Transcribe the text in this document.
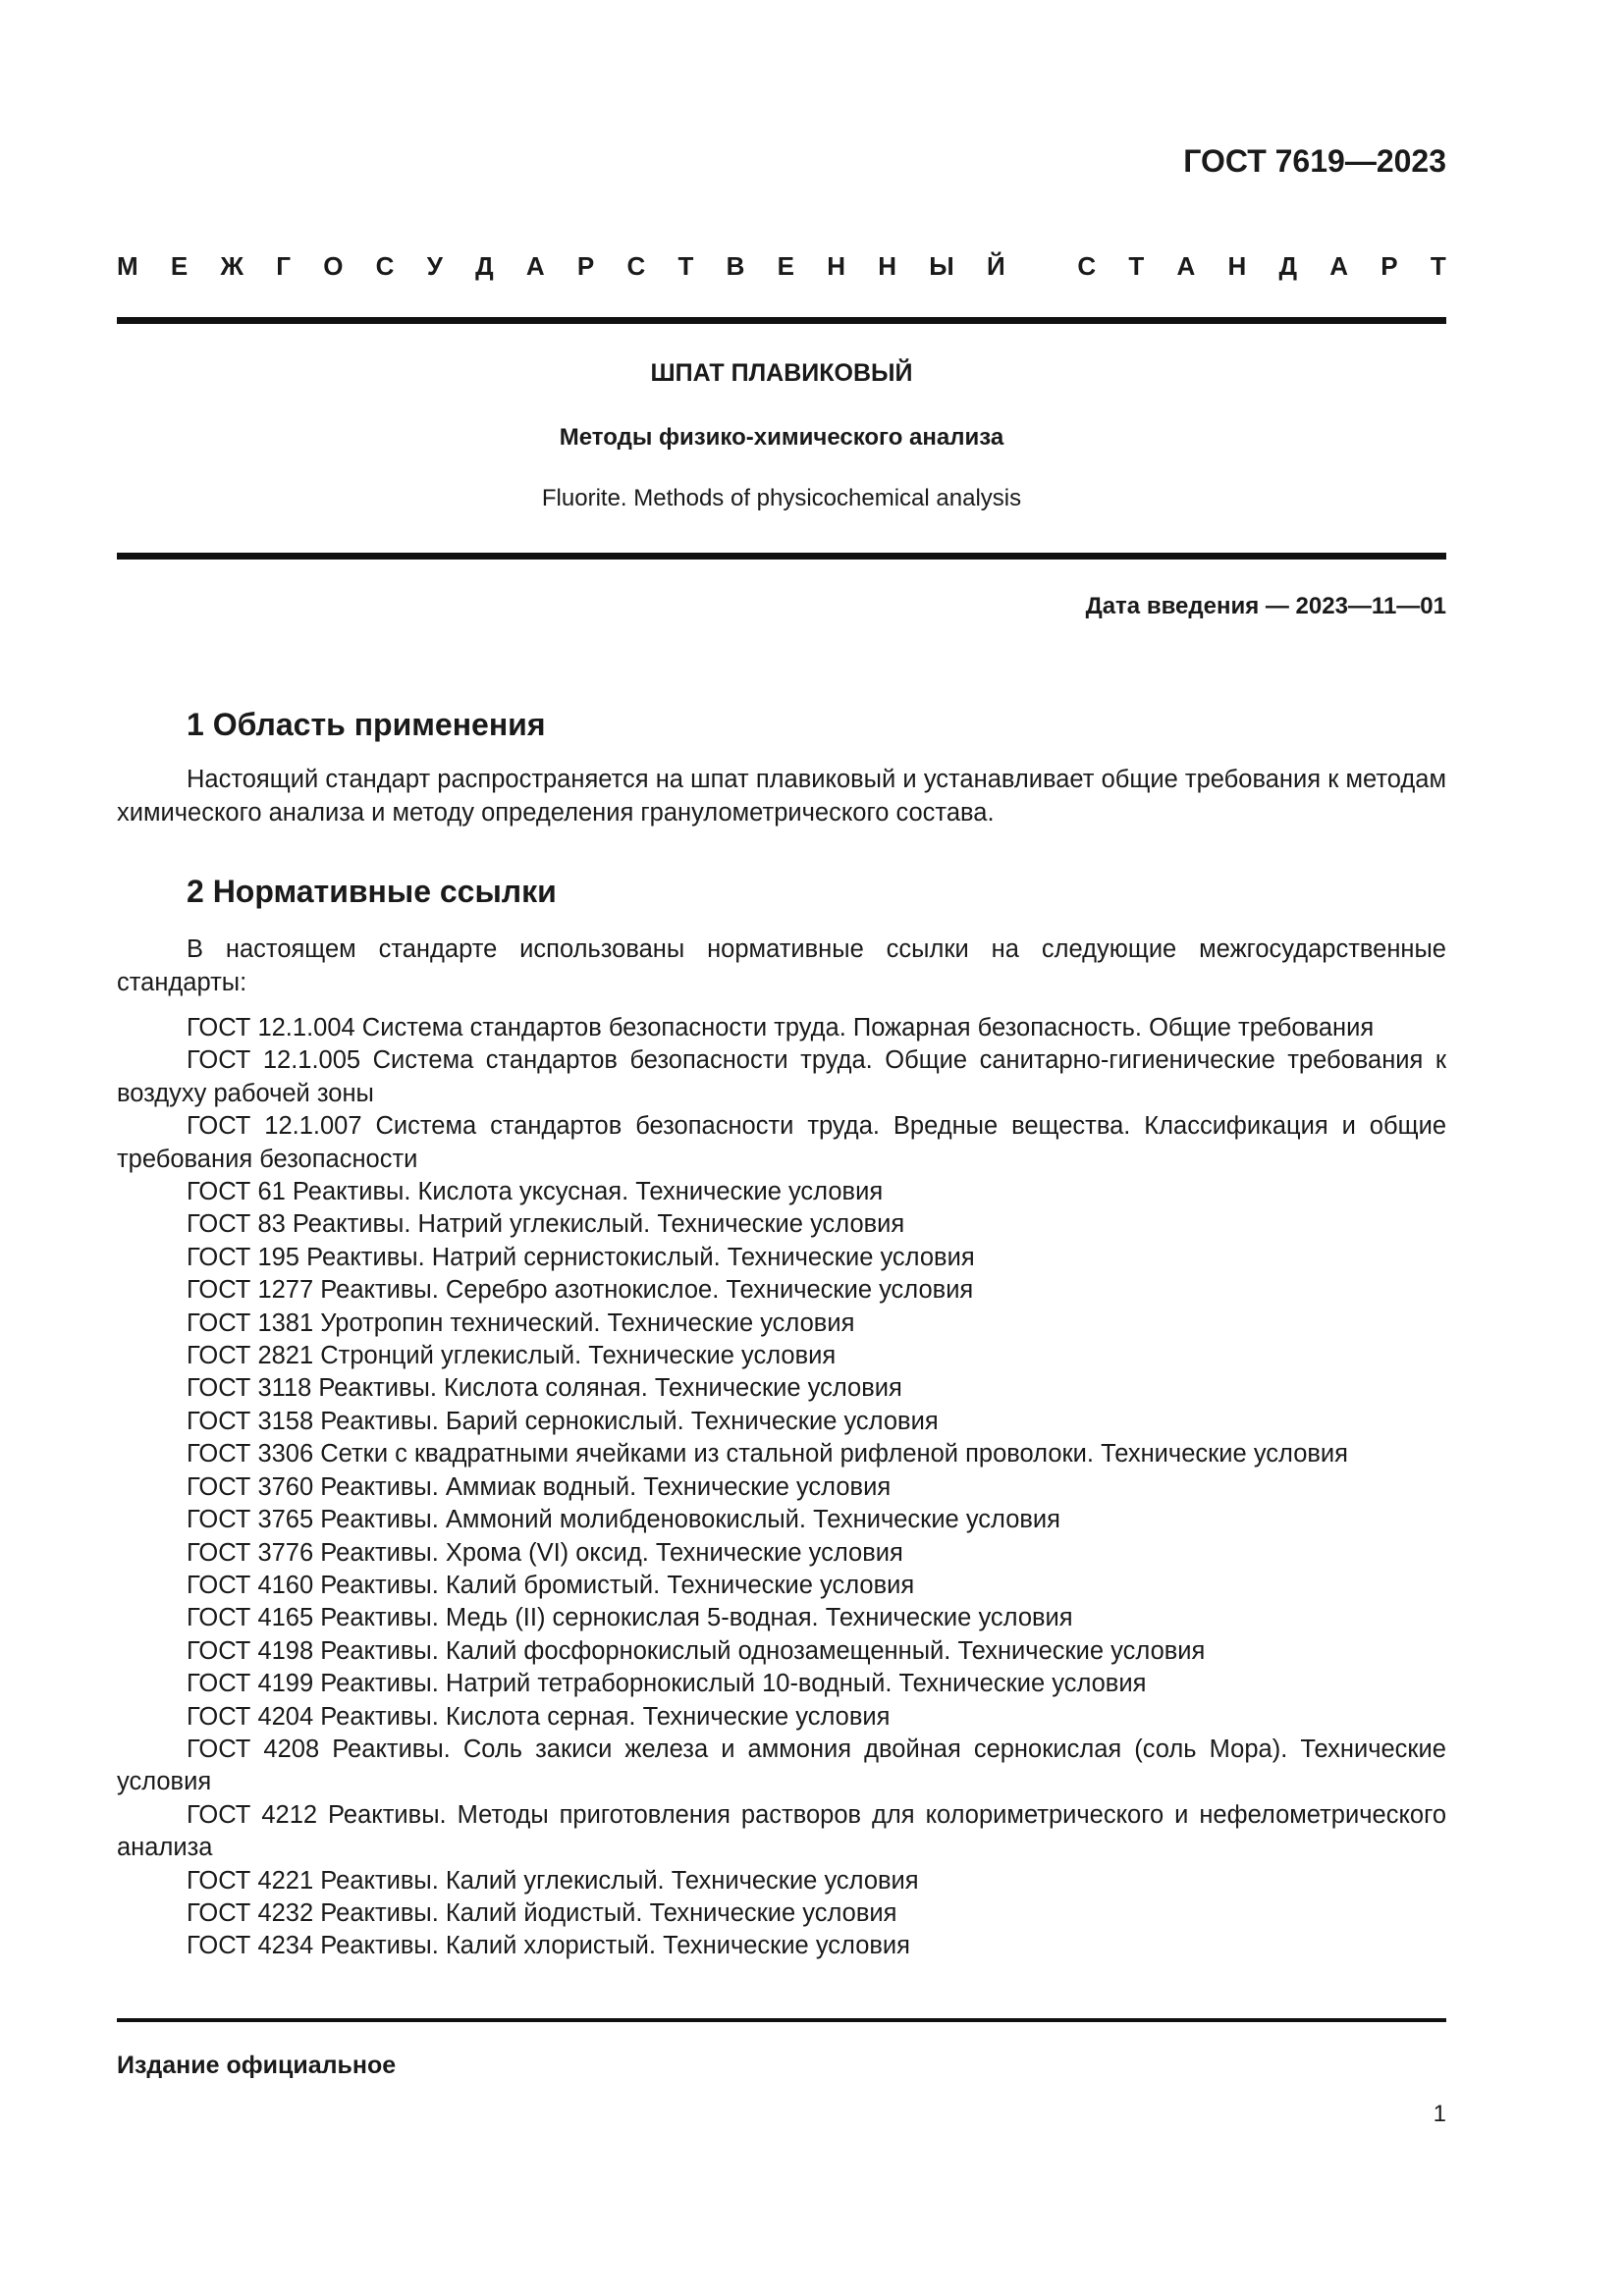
ГОСТ 7619—2023
М Е Ж Г О С У Д А Р С Т В Е Н Н Ы Й
	С Т А Н Д А Р Т
ШПАТ ПЛАВИКОВЫЙ
Методы физико-химического анализа
Fluorite. Methods of physicochemical analysis
Дата введения — 2023—11—01
1 Область применения

Настоящий стандарт распространяется на шпат плавиковый и устанавливает общие требования к методам химического анализа и методу определения гранулометрического состава.

2 Нормативные ссылки

В настоящем стандарте использованы нормативные ссылки на следующие межгосударственные стандарты:

ГОСТ 12.1.004 Система стандартов безопасности труда. Пожарная безопасность. Общие требования
ГОСТ 12.1.005 Система стандартов безопасности труда. Общие санитарно-гигиенические требования к воздуху рабочей зоны
ГОСТ 12.1.007 Система стандартов безопасности труда. Вредные вещества. Классификация и общие требования безопасности
ГОСТ 61 Реактивы. Кислота уксусная. Технические условия
ГОСТ 83 Реактивы. Натрий углекислый. Технические условия
ГОСТ 195 Реактивы. Натрий сернистокислый. Технические условия
ГОСТ 1277 Реактивы. Серебро азотнокислое. Технические условия
ГОСТ 1381 Уротропин технический. Технические условия
ГОСТ 2821 Стронций углекислый. Технические условия
ГОСТ 3118 Реактивы. Кислота соляная. Технические условия
ГОСТ 3158 Реактивы. Барий сернокислый. Технические условия
ГОСТ 3306 Сетки с квадратными ячейками из стальной рифленой проволоки. Технические условия
ГОСТ 3760 Реактивы. Аммиак водный. Технические условия
ГОСТ 3765 Реактивы. Аммоний молибденовокислый. Технические условия
ГОСТ 3776 Реактивы. Хрома (VI) оксид. Технические условия
ГОСТ 4160 Реактивы. Калий бромистый. Технические условия
ГОСТ 4165 Реактивы. Медь (II) сернокислая 5-водная. Технические условия
ГОСТ 4198 Реактивы. Калий фосфорнокислый однозамещенный. Технические условия
ГОСТ 4199 Реактивы. Натрий тетраборнокислый 10-водный. Технические условия
ГОСТ 4204 Реактивы. Кислота серная. Технические условия
ГОСТ 4208 Реактивы. Соль закиси железа и аммония двойная сернокислая (соль Мора). Технические условия
ГОСТ 4212 Реактивы. Методы приготовления растворов для колориметрического и нефелометрического анализа
ГОСТ 4221 Реактивы. Калий углекислый. Технические условия
ГОСТ 4232 Реактивы. Калий йодистый. Технические условия
ГОСТ 4234 Реактивы. Калий хлористый. Технические условия
Издание официальное
1
